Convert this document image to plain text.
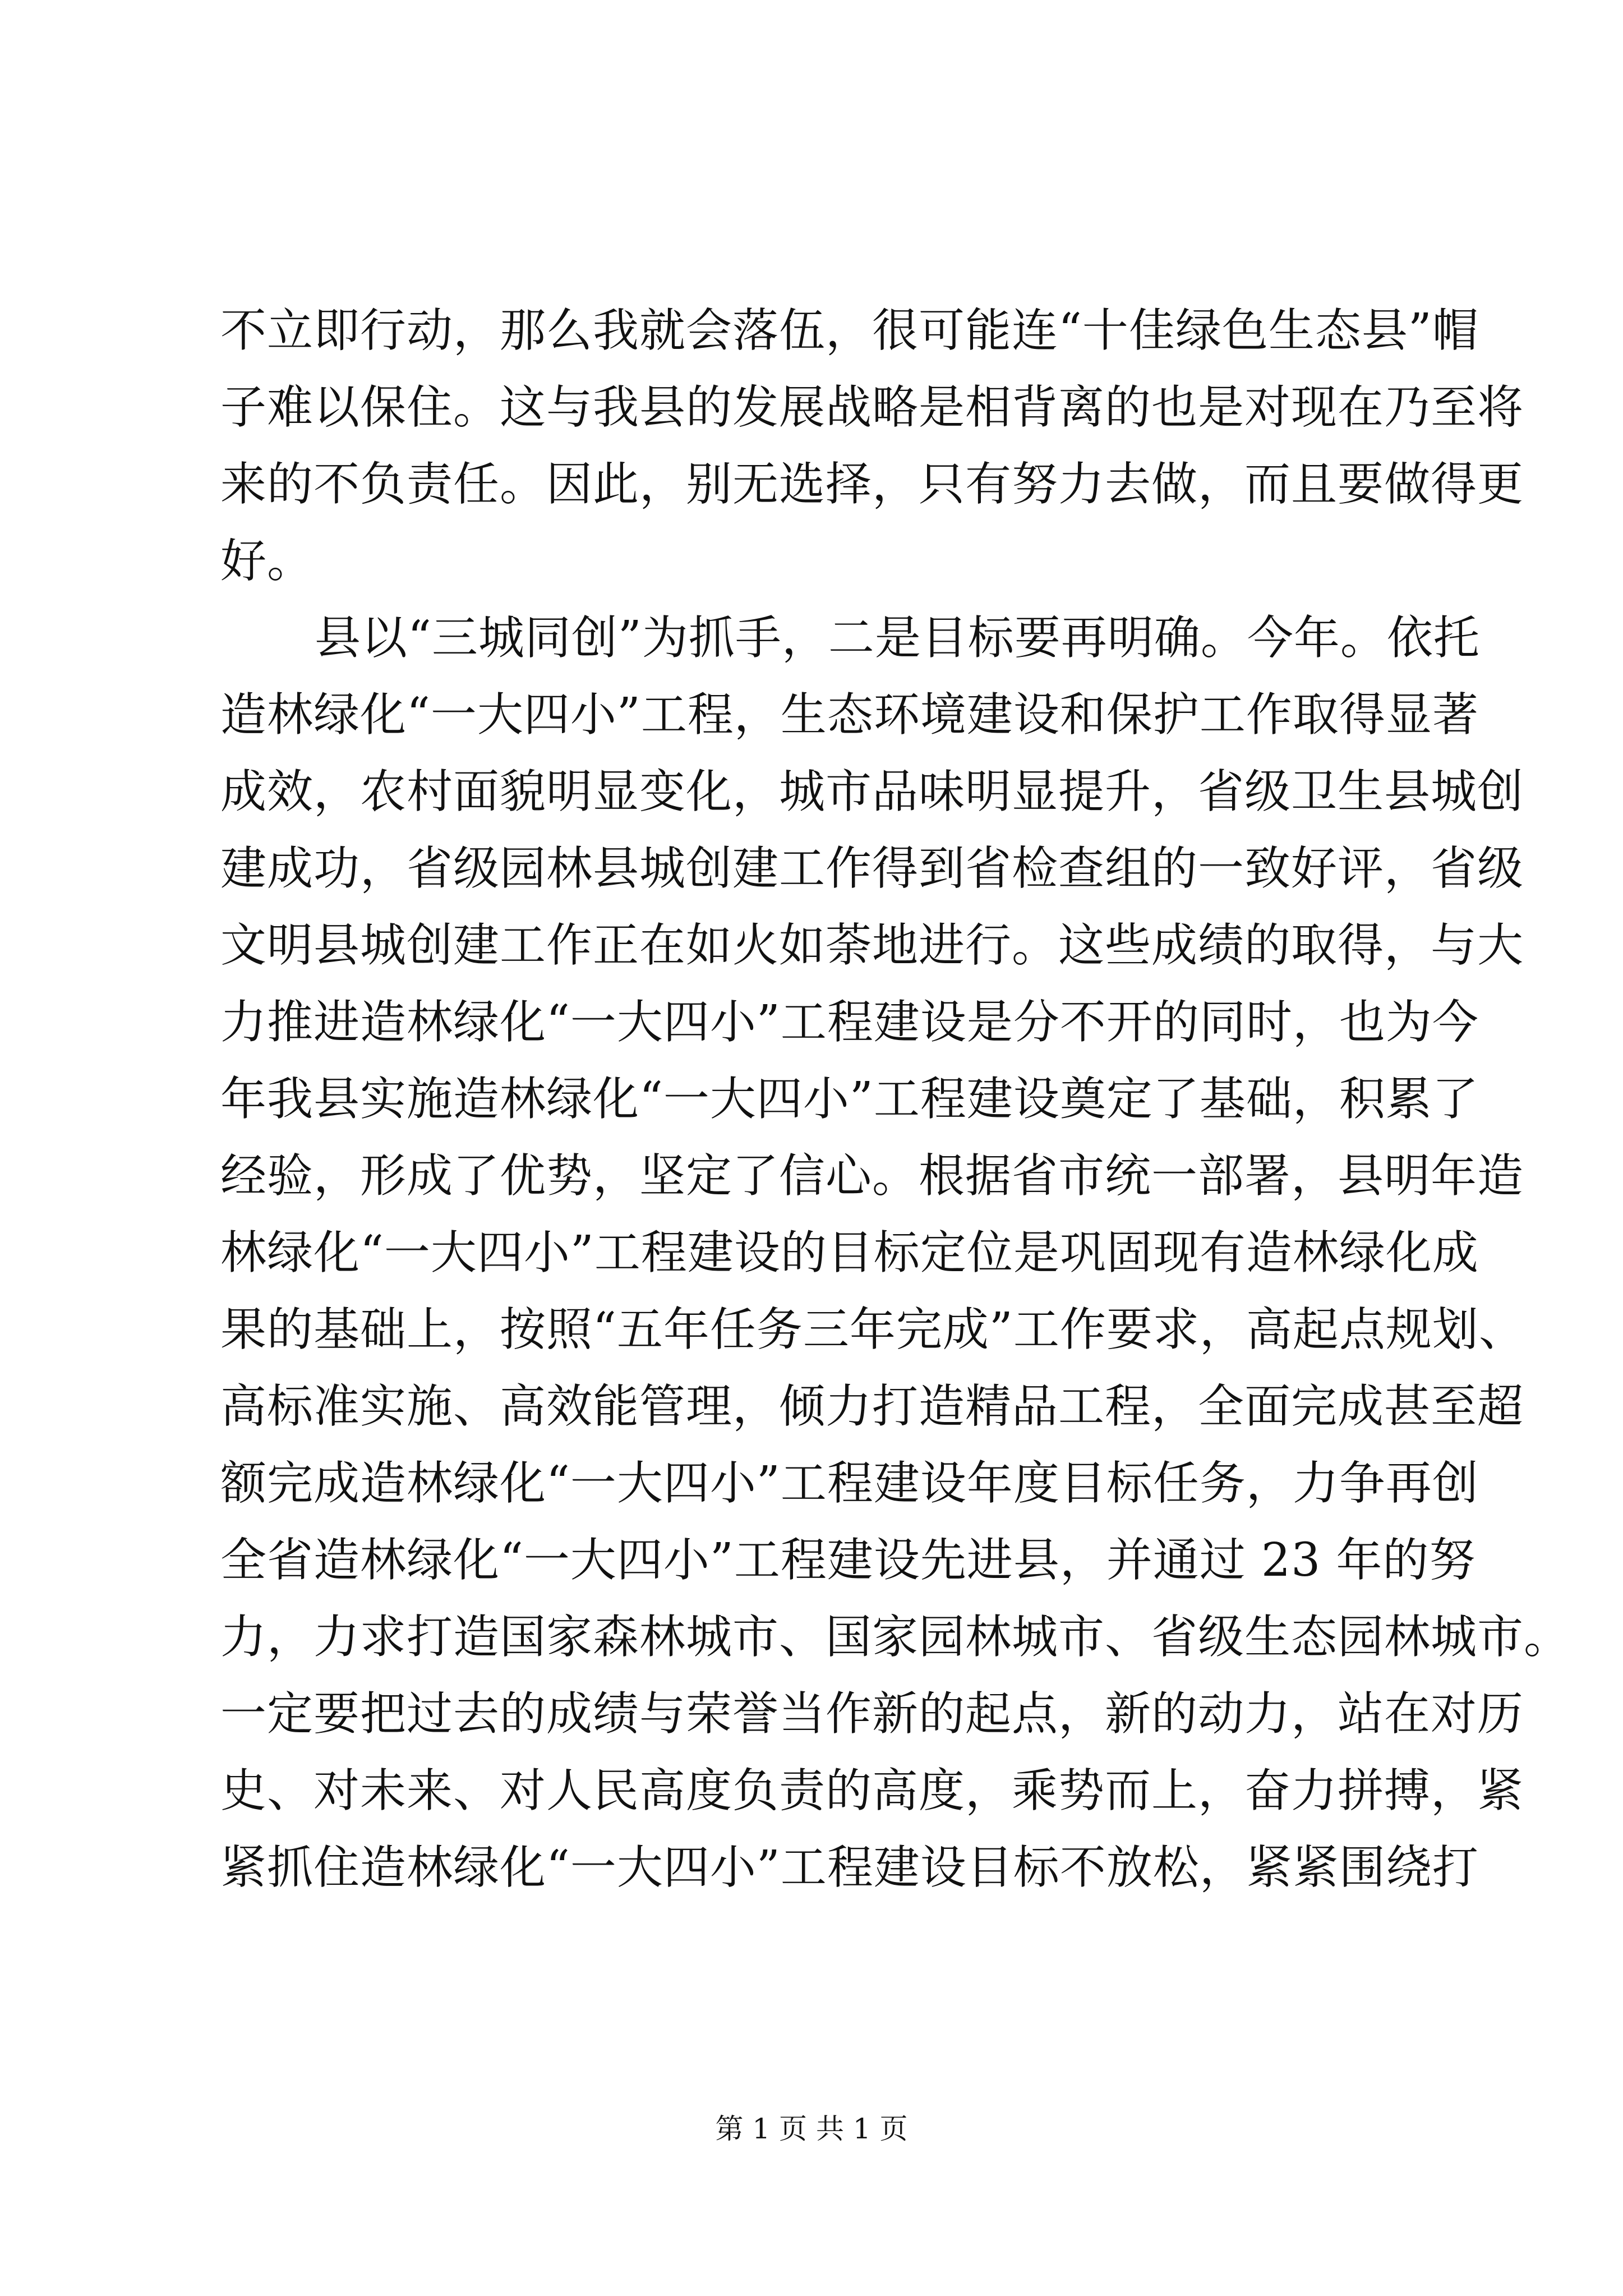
不立即行动，那么我就会落伍，很可能连“十佳绿色生态县”帽
子难以保住。这与我县的发展战略是相背离的也是对现在乃至将
来的不负责任。因此，别无选择，只有努力去做，而且要做得更
好。
县以“三城同创”为抓手，二是目标要再明确。今年。依托
造林绿化“一大四小”工程，生态环境建设和保护工作取得显著
成效，农村面貌明显变化，城市品味明显提升，省级卫生县城创
建成功，省级园林县城创建工作得到省检查组的一致好评，省级
文明县城创建工作正在如火如荼地进行。这些成绩的取得，与大
力推进造林绿化“一大四小”工程建设是分不开的同时，也为今
年我县实施造林绿化“一大四小”工程建设奠定了基础，积累了
经验，形成了优势，坚定了信心。根据省市统一部署，县明年造
林绿化“一大四小”工程建设的目标定位是巩固现有造林绿化成
果的基础上，按照“五年任务三年完成”工作要求，高起点规划、
高标准实施、高效能管理，倾力打造精品工程，全面完成甚至超
额完成造林绿化“一大四小”工程建设年度目标任务，力争再创
全省造林绿化“一大四小”工程建设先进县，并通过 23 年的努
力，力求打造国家森林城市、国家园林城市、省级生态园林城市。
一定要把过去的成绩与荣誉当作新的起点，新的动力，站在对历
史、对未来、对人民高度负责的高度，乘势而上，奋力拼搏，紧
紧抓住造林绿化“一大四小”工程建设目标不放松，紧紧围绕打
第 1 页 共 1 页
